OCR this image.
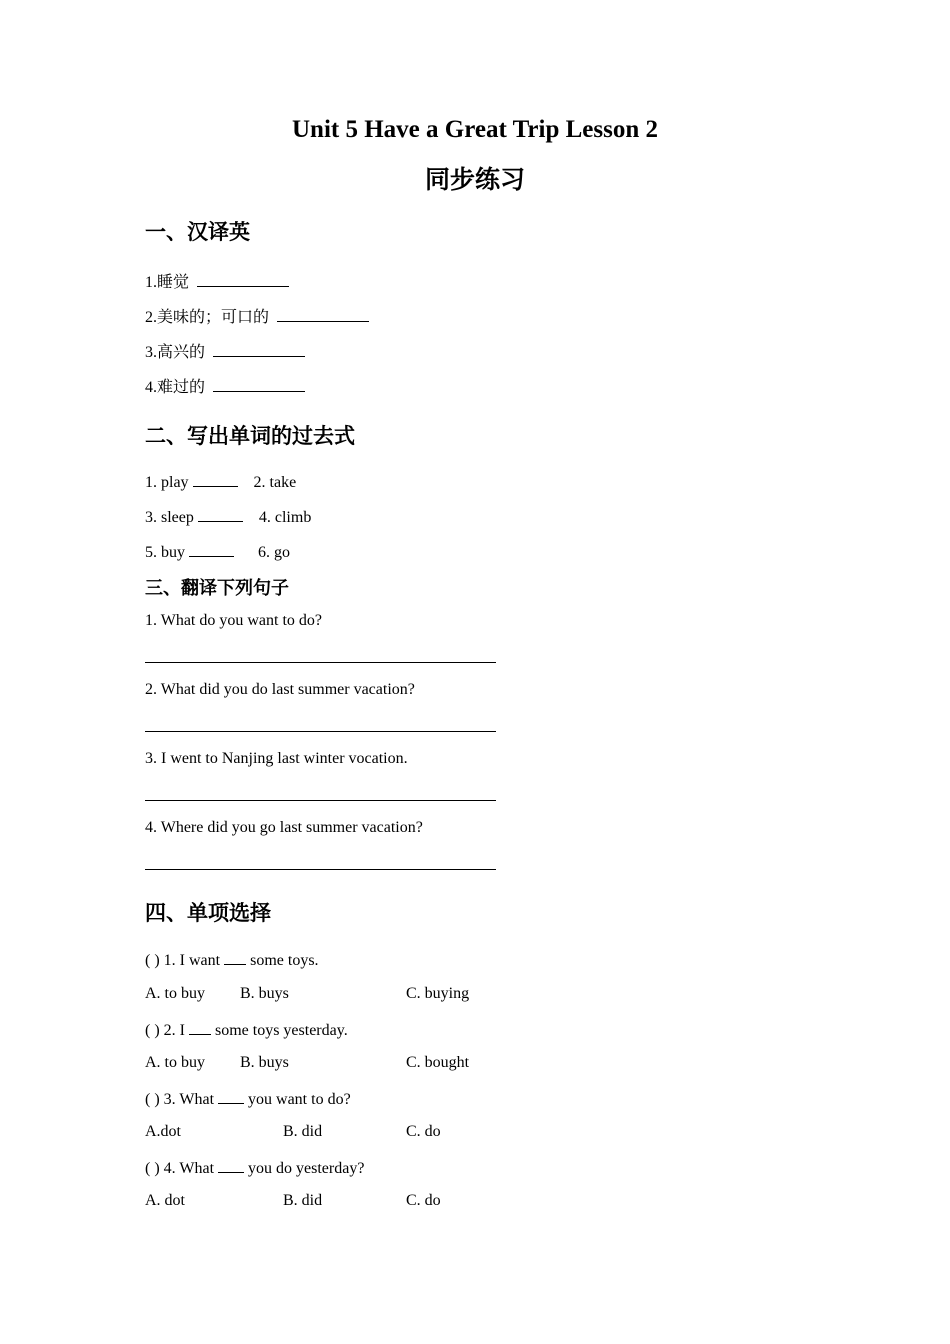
Unit 5 Have a Great Trip Lesson 2
同步练习
一、汉译英
1.睡觉
2.美味的；可口的
3.高兴的
4.难过的
二、写出单词的过去式
1. play	2. take
3. sleep	4. climb
5. buy	6. go
三、翻译下列句子
1. What do you want to do?
2. What did you do last summer vacation?
3. I went to Nanjing last winter vocation.
4. Where did you go last summer vacation?
四、单项选择
( ) 1. I want some toys.
A. to buy B. buys	C. buying
( ) 2. I some toys yesterday.
A. to buy B. buys	C. bought
( ) 3. What you want to do?
A.dot	B. did	C. do
( ) 4. What you do yesterday?
A. dot	B. did	C. do
